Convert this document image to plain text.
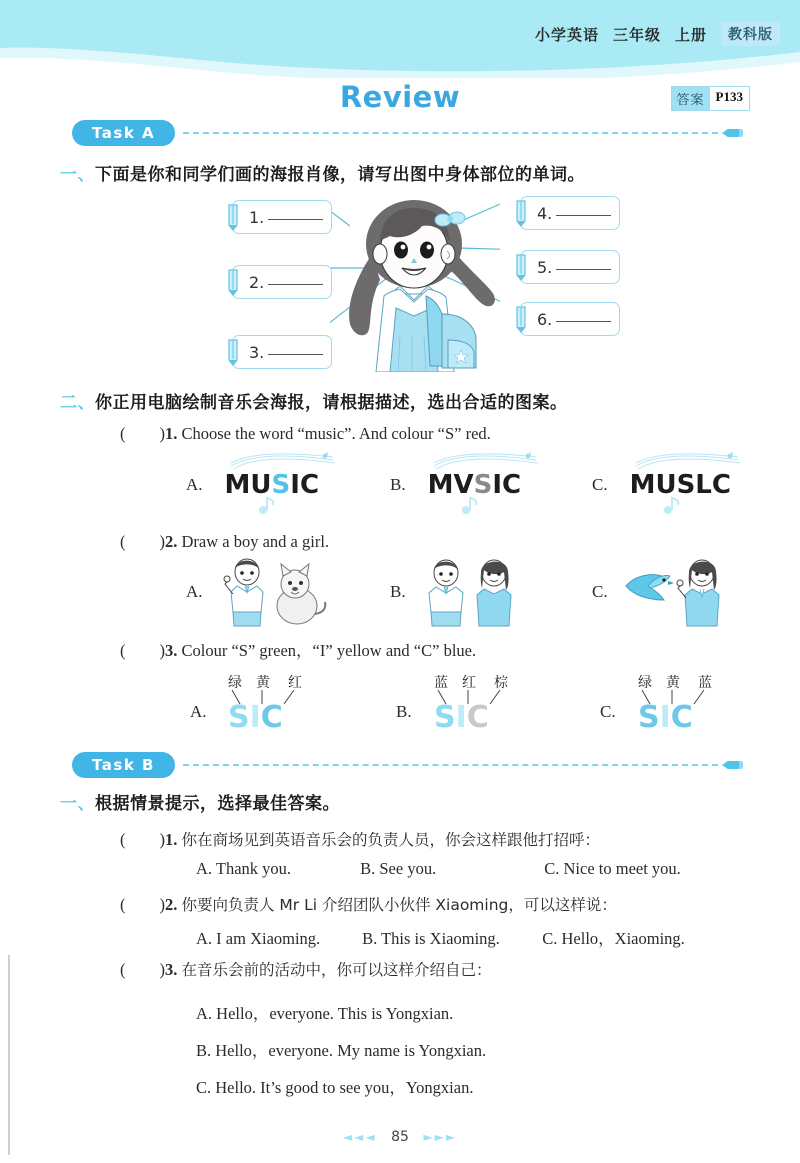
小学英语 三年级 上册	教科版
Review	答案 P133
Task A
一、下面是你和同学们画的海报肖像，请写出图中身体部位的单词。
1.
2.
3.
4.
5.
6.
二、你正用电脑绘制音乐会海报，请根据描述，选出合适的图案。
( )1. Choose the word “music”. And colour “S” red.
A. MUSIC	B. MVSIC	C. MUSLC
( )2. Draw a boy and a girl.
A.	B.	C.
( )3. Colour “S” green，“I” yellow and “C” blue.
A.
绿 黄 红
SIC	B.
蓝 红 棕
SIC	C.
绿 黄 蓝
SIC
Task B
一、根据情景提示，选择最佳答案。
( )1. 你在商场见到英语音乐会的负责人员，你会这样跟他打招呼：
A. Thank you.	B. See you.	C. Nice to meet you.
( )2. 你要向负责人 Mr Li 介绍团队小伙伴 Xiaoming，可以这样说：
A. I am Xiaoming.	B. This is Xiaoming.	C. Hello，Xiaoming.
( )3. 在音乐会前的活动中，你可以这样介绍自己：
A. Hello，everyone. This is Yongxian.
B. Hello，everyone. My name is Yongxian.
C. Hello. It’s good to see you，Yongxian.
◄◄◄ 85 ►►►
